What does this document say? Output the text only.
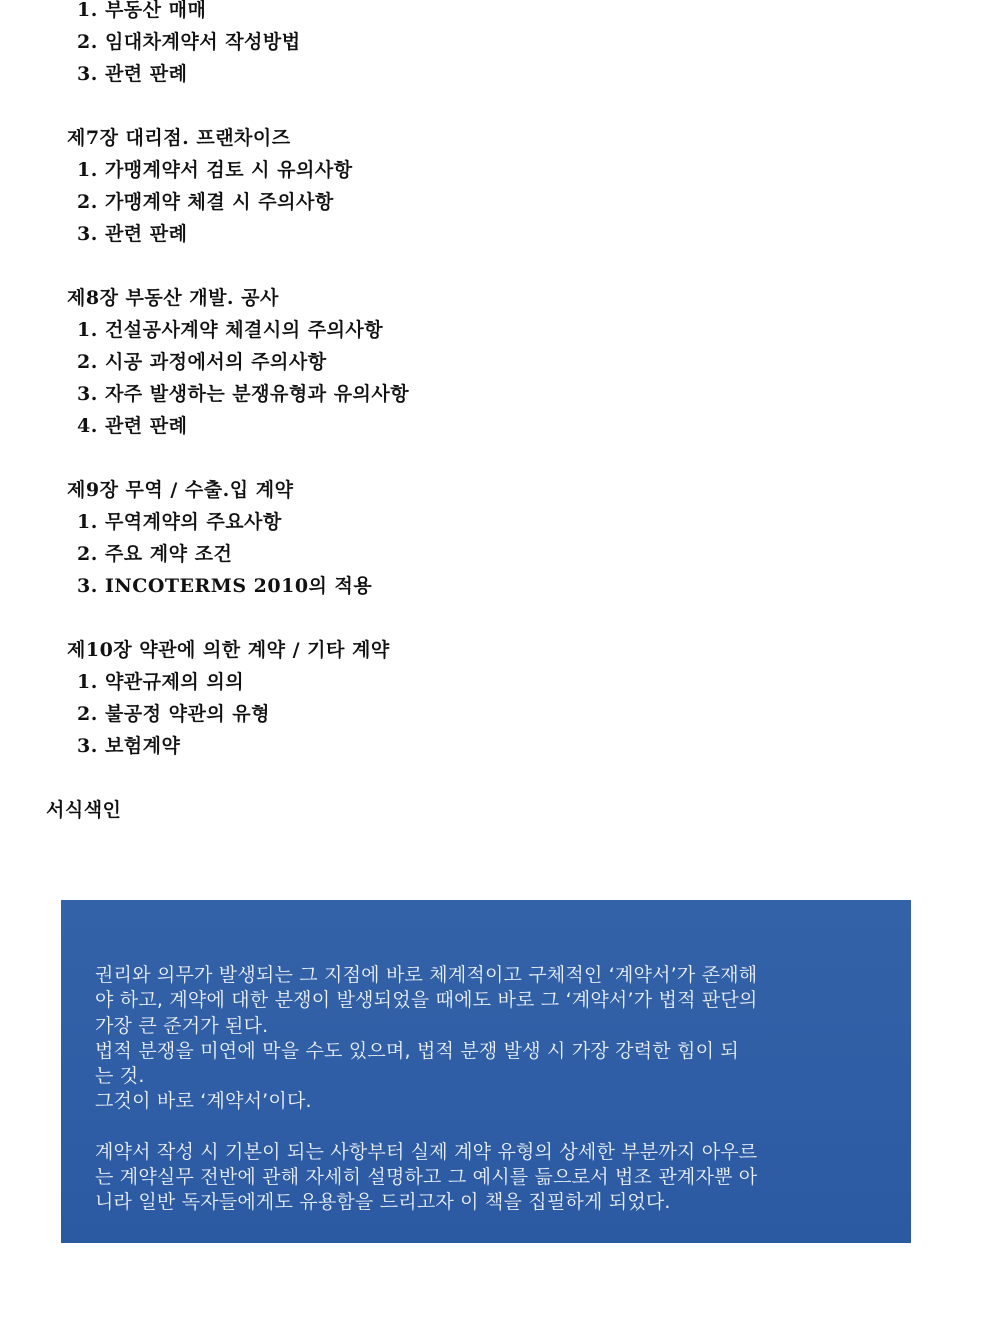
1. 부동산 매매
2. 임대차계약서 작성방법
3. 관련 판례
제7장 대리점. 프랜차이즈
1. 가맹계약서 검토 시 유의사항
2. 가맹계약 체결 시 주의사항
3. 관련 판례
제8장 부동산 개발. 공사
1. 건설공사계약 체결시의 주의사항
2. 시공 과정에서의 주의사항
3. 자주 발생하는 분쟁유형과 유의사항
4. 관련 판례
제9장 무역 / 수출.입 계약
1. 무역계약의 주요사항
2. 주요 계약 조건
3. INCOTERMS 2010의 적용
제10장 약관에 의한 계약 / 기타 계약
1. 약관규제의 의의
2. 불공정 약관의 유형
3. 보험계약
서식색인

권리와 의무가 발생되는 그 지점에 바로 체계적이고 구체적인 ‘계약서’가 존재해

야 하고, 계약에 대한 분쟁이 발생되었을 때에도 바로 그 ‘계약서’가 법적 판단의

가장 큰 준거가 된다.

법적 분쟁을 미연에 막을 수도 있으며, 법적 분쟁 발생 시 가장 강력한 힘이 되

는 것.

그것이 바로 ‘계약서’이다.

계약서 작성 시 기본이 되는 사항부터 실제 계약 유형의 상세한 부분까지 아우르

는 계약실무 전반에 관해 자세히 설명하고 그 예시를 듦으로서 법조 관계자뿐 아

니라 일반 독자들에게도 유용함을 드리고자 이 책을 집필하게 되었다.
